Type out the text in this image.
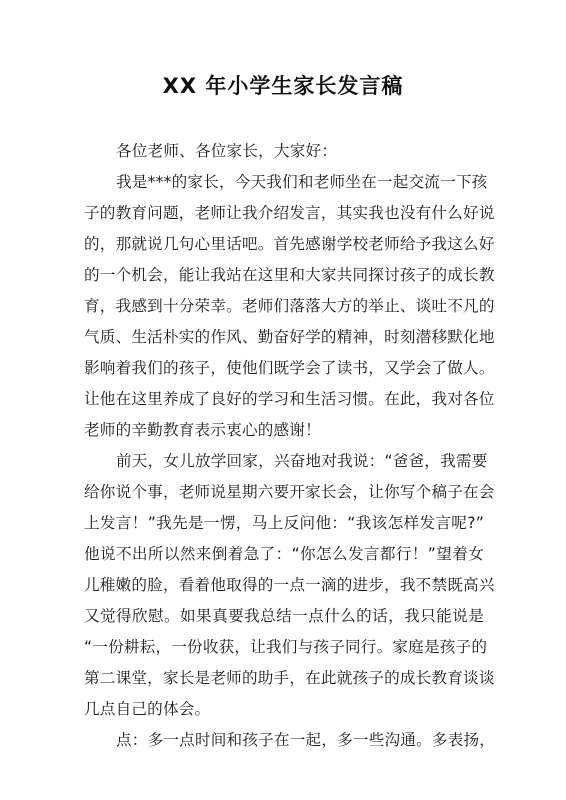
XX 年小学生家长发言稿
各位老师、各位家长，大家好：
我是***的家长，今天我们和老师坐在一起交流一下孩
子的教育问题，老师让我介绍发言，其实我也没有什么好说
的，那就说几句心里话吧。首先感谢学校老师给予我这么好
的一个机会，能让我站在这里和大家共同探讨孩子的成长教
育，我感到十分荣幸。老师们落落大方的举止、谈吐不凡的
气质、生活朴实的作风、勤奋好学的精神，时刻潜移默化地
影响着我们的孩子，使他们既学会了读书，又学会了做人。
让他在这里养成了良好的学习和生活习惯。在此，我对各位
老师的辛勤教育表示衷心的感谢！
前天，女儿放学回家，兴奋地对我说：“爸爸，我需要
给你说个事，老师说星期六要开家长会，让你写个稿子在会
上发言！”我先是一愣，马上反问他：“我该怎样发言呢?”
他说不出所以然来倒着急了：“你怎么发言都行！”望着女
儿稚嫩的脸，看着他取得的一点一滴的进步，我不禁既高兴
又觉得欣慰。如果真要我总结一点什么的话，我只能说是
“一份耕耘，一份收获，让我们与孩子同行。家庭是孩子的
第二课堂，家长是老师的助手，在此就孩子的成长教育谈谈
几点自己的体会。
点：多一点时间和孩子在一起，多一些沟通。多表扬，
